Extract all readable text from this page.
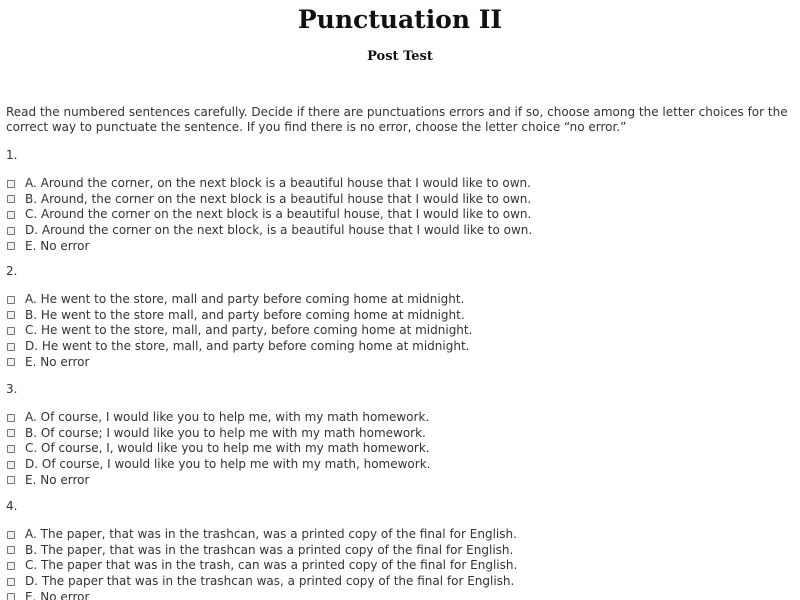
Punctuation II
Post Test
Read the numbered sentences carefully. Decide if there are punctuations errors and if so, choose among the letter choices for the correct way to punctuate the sentence. If you find there is no error, choose the letter choice “no error.”
1.
A. Around the corner, on the next block is a beautiful house that I would like to own.
B. Around, the corner on the next block is a beautiful house that I would like to own.
C. Around the corner on the next block is a beautiful house, that I would like to own.
D. Around the corner on the next block, is a beautiful house that I would like to own.
E. No error
2.
A. He went to the store, mall and party before coming home at midnight.
B. He went to the store mall, and party before coming home at midnight.
C. He went to the store, mall, and party, before coming home at midnight.
D. He went to the store, mall, and party before coming home at midnight.
E. No error
3.
A. Of course, I would like you to help me, with my math homework.
B. Of course; I would like you to help me with my math homework.
C. Of course, I, would like you to help me with my math homework.
D. Of course, I would like you to help me with my math, homework.
E. No error
4.
A. The paper, that was in the trashcan, was a printed copy of the final for English.
B. The paper, that was in the trashcan was a printed copy of the final for English.
C. The paper that was in the trash, can was a printed copy of the final for English.
D. The paper that was in the trashcan was, a printed copy of the final for English.
E. No error
